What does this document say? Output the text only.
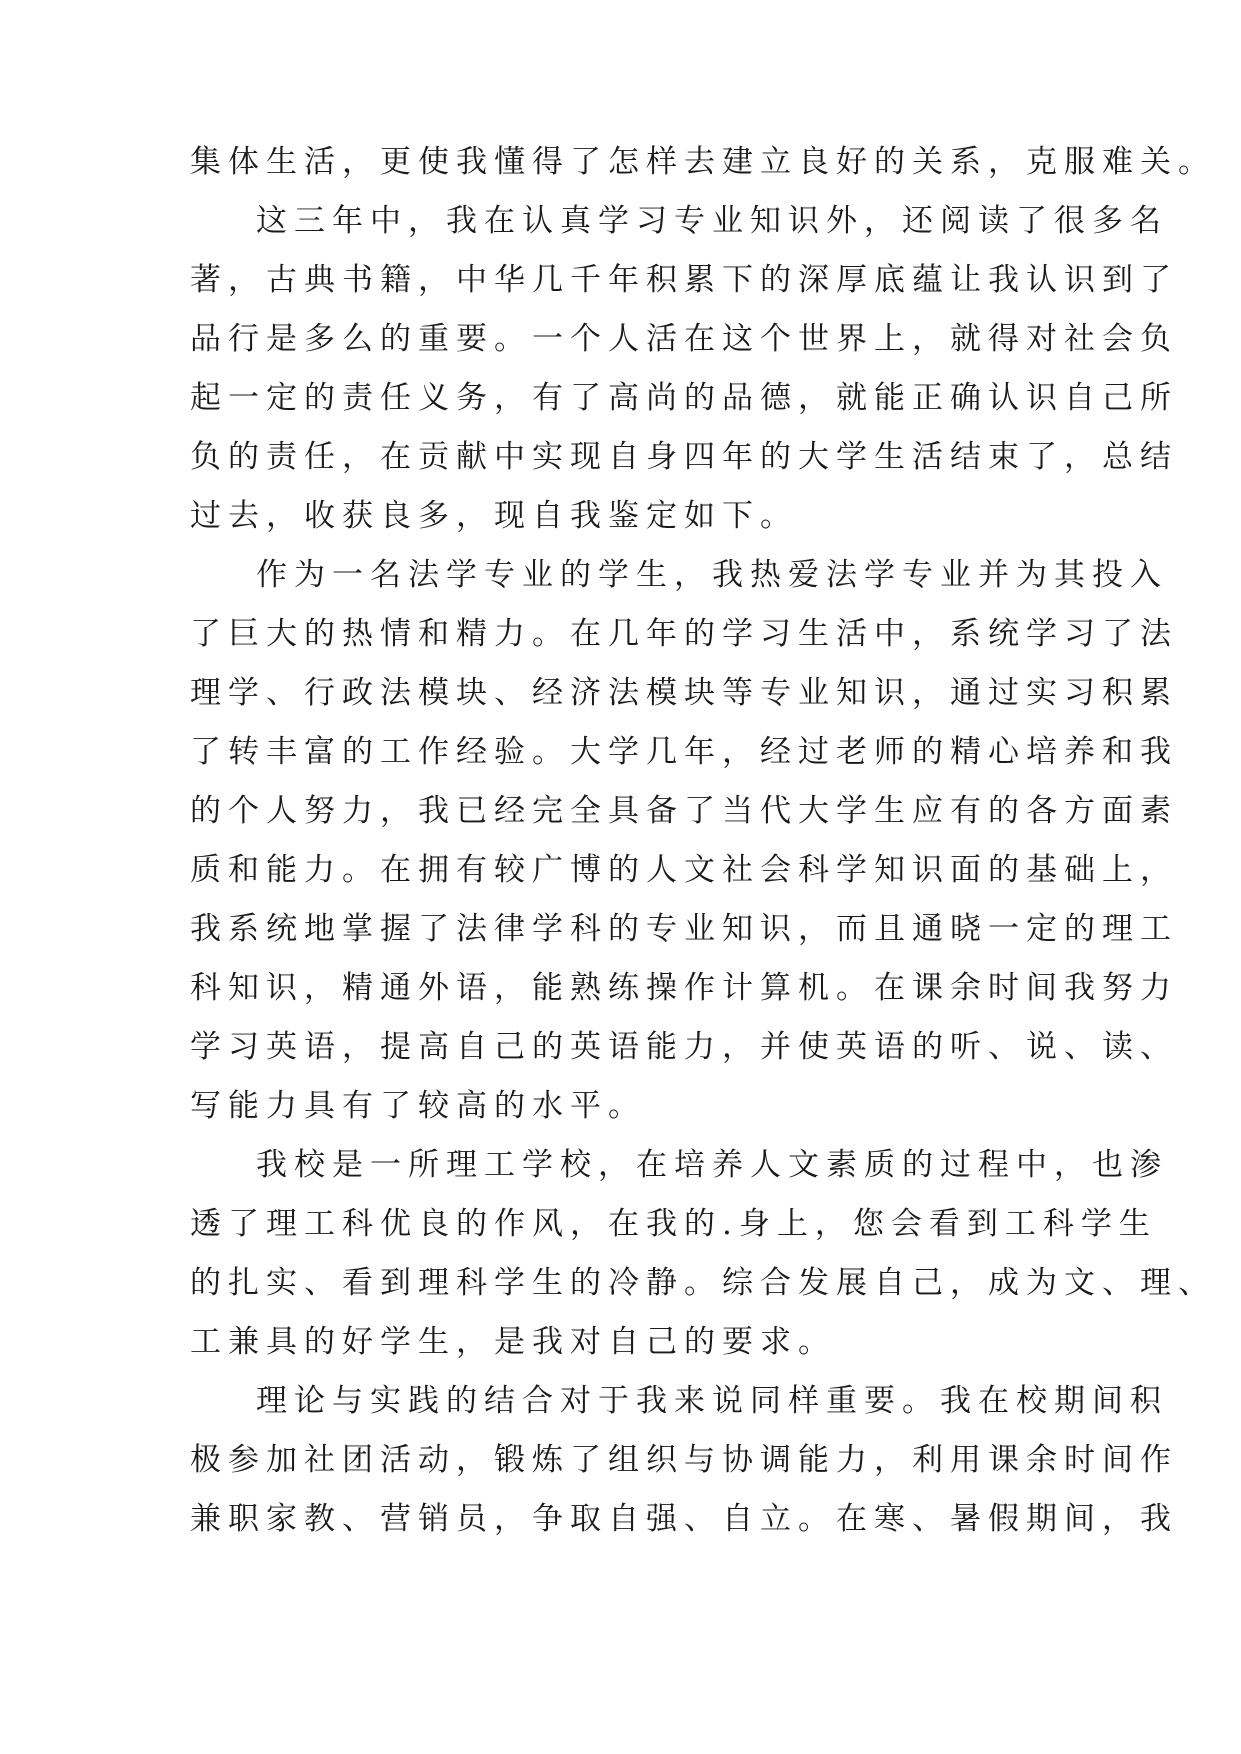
集体生活，更使我懂得了怎样去建立良好的关系，克服难关。

这三年中，我在认真学习专业知识外，还阅读了很多名

著，古典书籍，中华几千年积累下的深厚底蕴让我认识到了

品行是多么的重要。一个人活在这个世界上，就得对社会负

起一定的责任义务，有了高尚的品德，就能正确认识自己所

负的责任，在贡献中实现自身四年的大学生活结束了，总结

过去，收获良多，现自我鉴定如下。

作为一名法学专业的学生，我热爱法学专业并为其投入

了巨大的热情和精力。在几年的学习生活中，系统学习了法

理学、行政法模块、经济法模块等专业知识，通过实习积累

了转丰富的工作经验。大学几年，经过老师的精心培养和我

的个人努力，我已经完全具备了当代大学生应有的各方面素

质和能力。在拥有较广博的人文社会科学知识面的基础上，

我系统地掌握了法律学科的专业知识，而且通晓一定的理工

科知识，精通外语，能熟练操作计算机。在课余时间我努力

学习英语，提高自己的英语能力，并使英语的听、说、读、

写能力具有了较高的水平。

我校是一所理工学校，在培养人文素质的过程中，也渗

透了理工科优良的作风，在我的.身上，您会看到工科学生

的扎实、看到理科学生的冷静。综合发展自己，成为文、理、

工兼具的好学生，是我对自己的要求。

理论与实践的结合对于我来说同样重要。我在校期间积

极参加社团活动，锻炼了组织与协调能力，利用课余时间作

兼职家教、营销员，争取自强、自立。在寒、暑假期间，我
